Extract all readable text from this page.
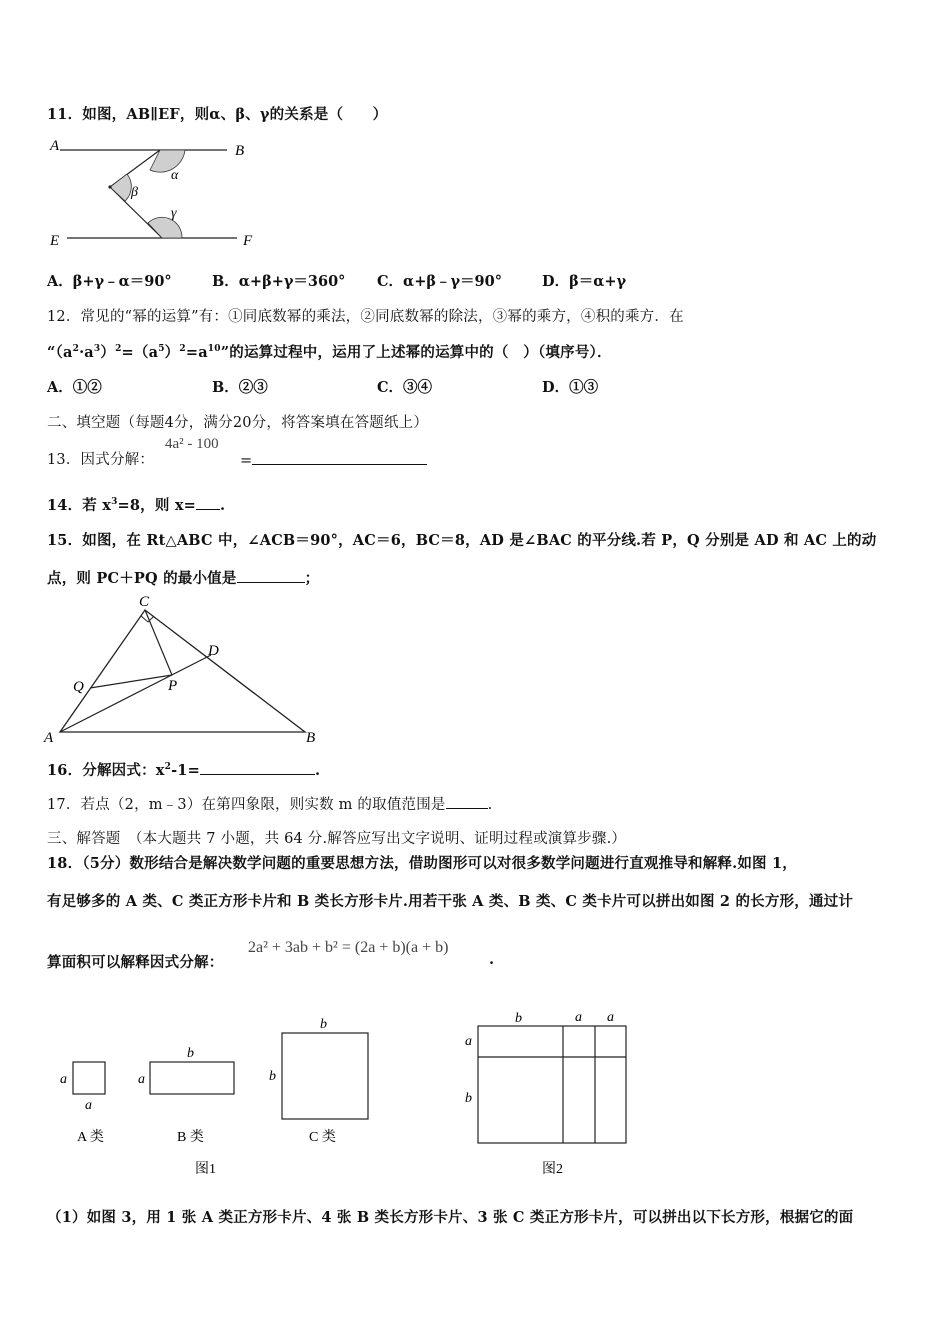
11．如图，AB∥EF，则α、β、γ的关系是（　　）
A	B
E	F
α
β
γ
A．β+γ﹣α＝90°	B．α+β+γ＝360° C．α+β﹣γ＝90°	D．β＝α+γ
12．常见的“幂的运算”有：①同底数幂的乘法，②同底数幂的除法，③幂的乘方，④积的乘方．在
“$(a^2\cdot a^3)^2=(a^5)^2=a^{10}$”的运算过程中，运用了上述幂的运算中的（　）（填序号）．
A．①②	B．②③	C．③④	D．①③
二、填空题（每题4分，满分20分，将答案填在答题纸上）
13．因式分解：
4a² - 100
=
14．若 $x^3=8$，则 x= .
15．如图，在 Rt△ABC 中，∠ACB＝90°，AC＝6，BC＝8，AD 是∠BAC 的平分线.若 P，Q 分别是 AD 和 AC 上的动
点，则 PC＋PQ 的最小值是	；
C
D
Q	P
A	B
16．分解因式：$x^2-1=$	.
17．若点（2，m﹣3）在第四象限，则实数 m 的取值范围是	.
三、解答题　（本大题共 7 小题，共 64 分.解答应写出文字说明、证明过程或演算步骤.）
18．（5分）数形结合是解决数学问题的重要思想方法，借助图形可以对很多数学问题进行直观推导和解释.如图 1，
有足够多的 A 类、C 类正方形卡片和 B 类长方形卡片.用若干张 A 类、B 类、C 类卡片可以拼出如图 2 的长方形，通过计
算面积可以解释因式分解：
2a² + 3ab + b² = (2a + b)(a + b)
.
a
a
A 类
a
b
B 类
b
b
C 类
图1
b	a a
a
b
图2
（1）如图 3，用 1 张 A 类正方形卡片、4 张 B 类长方形卡片、3 张 C 类正方形卡片，可以拼出以下长方形，根据它的面
